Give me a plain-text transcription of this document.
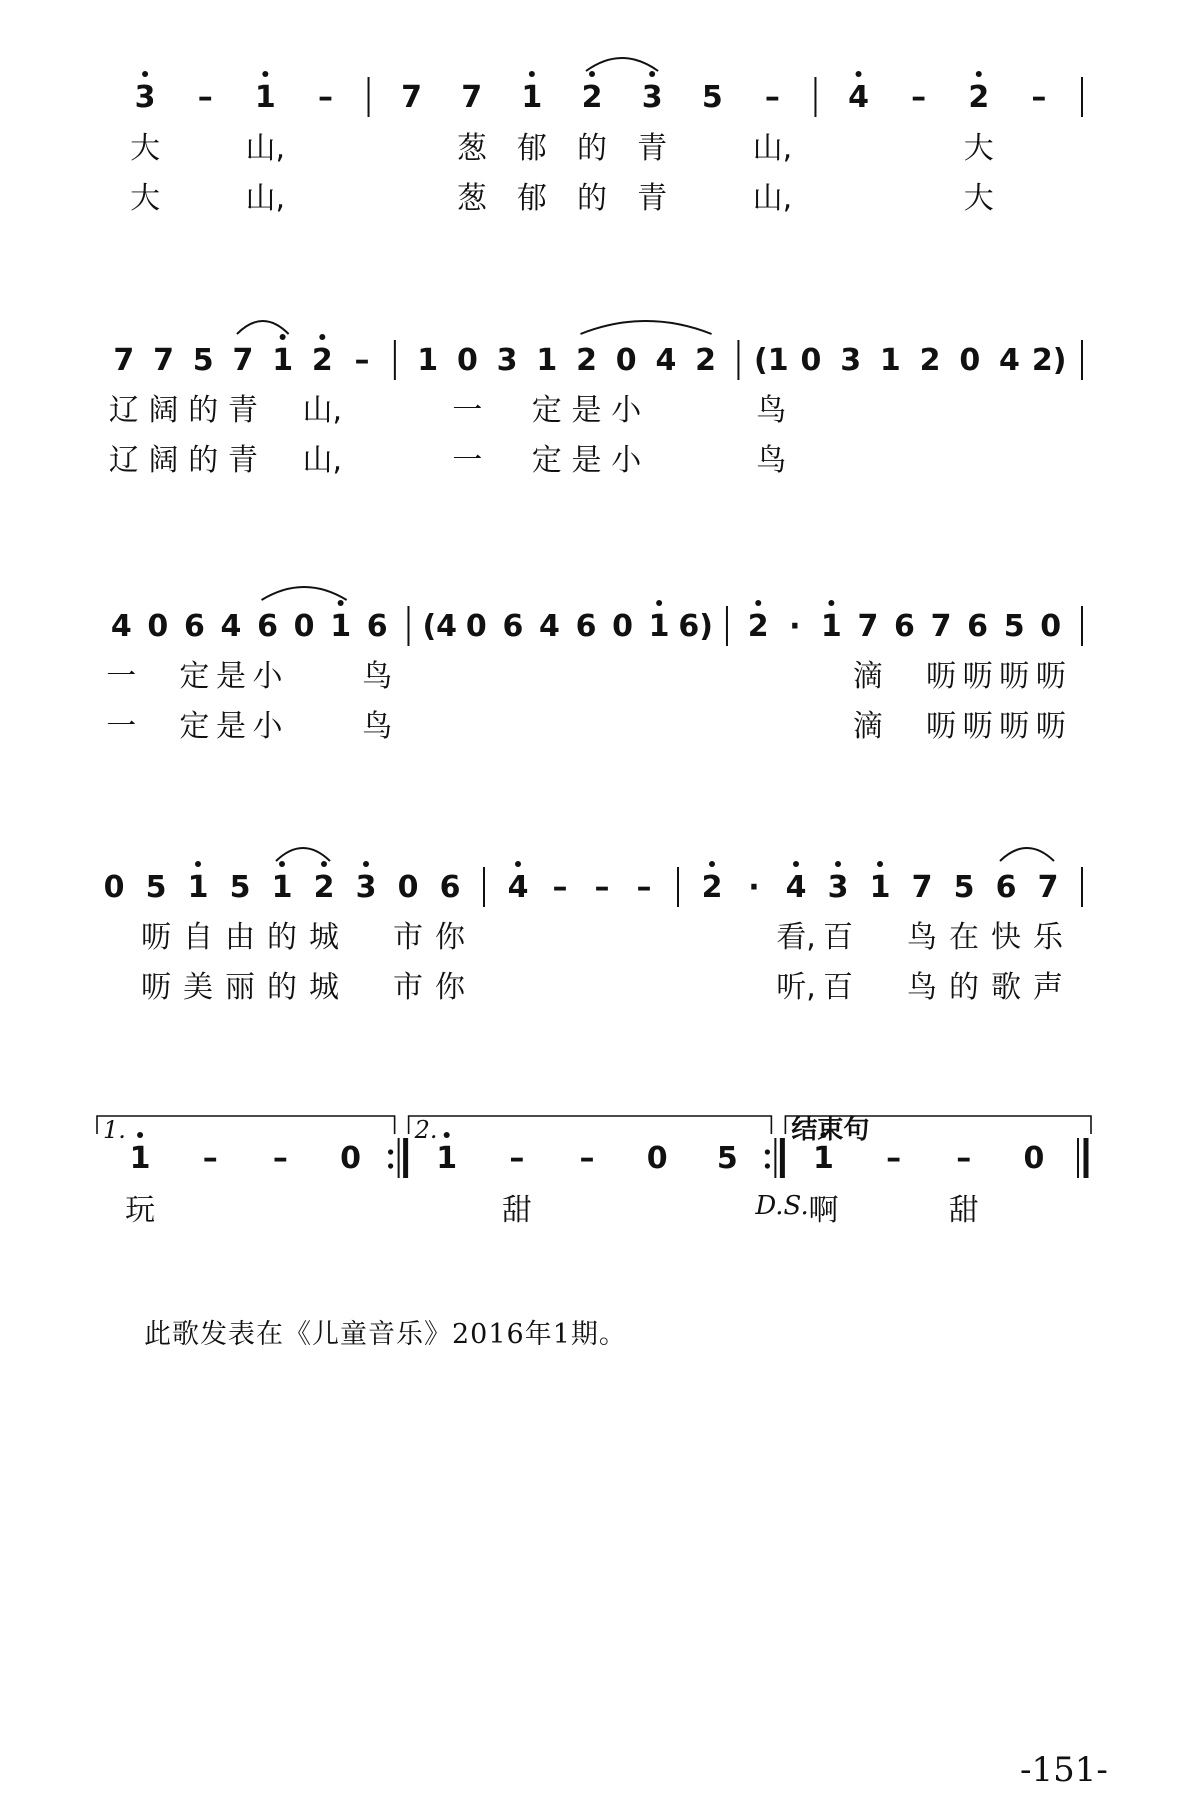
3 – 1 – 7 7 1 2 3 5 – 4 – 2 –
大	山,	葱 郁 的 青	山,	大
大	山,	葱 郁 的 青	山,	大
7 7 5 7 1 2 – 1 0 3 1 2 0 4 2 (1 0 3 1 2 0 4 2)
辽 阔 的 青 山,	一 定 是 小	鸟
辽 阔 的 青 山,	一 定 是 小	鸟
4 0 6 4 6 0 1 6 (4 0 6 4 6 0 1 6) 2 · 1 7 6 7 6 5 0
一 定 是 小	鸟	滴 呖 呖 呖 呖
一 定 是 小	鸟	滴 呖 呖 呖 呖
0 5 1 5 1 2 3 0 6 4 – – – 2 · 4 3 1 7 5 6 7
呖 自 由 的 城 市 你	看, 百 鸟 在 快 乐
呖 美 丽 的 城 市 你	听, 百 鸟 的 歌 声
1 – – 0	1 – – 0 5	1 – – 0
玩	甜	啊	甜
1.	2.	结束句
D.S.
此歌发表在《儿童音乐》2016年1期。
-151-
